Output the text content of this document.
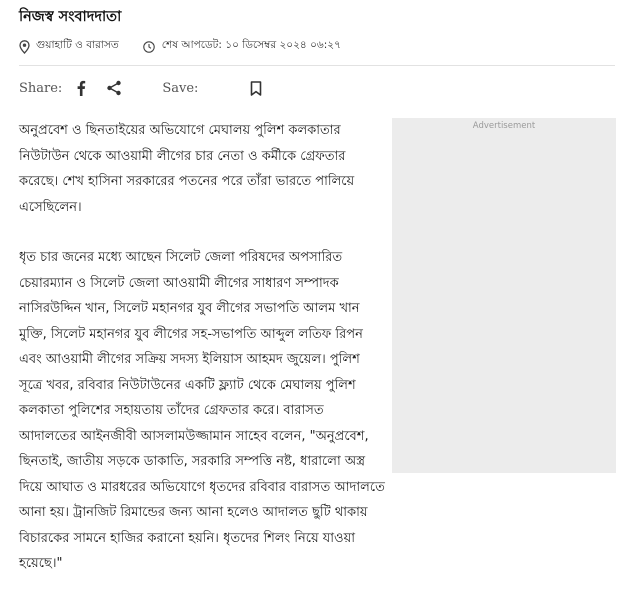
নিজস্ব সংবাদদাতা
গুয়াহাটি ও বারাসত	শেষ আপডেট: ১০ ডিসেম্বর ২০২৪ ০৬:২৭
Share:	Save:

অনুপ্রবেশ ও ছিনতাইয়ের অভিযোগে মেঘালয় পুলিশ কলকাতার নিউটাউন থেকে আওয়ামী লীগের চার নেতা ও কর্মীকে গ্রেফতার করেছে। শেখ হাসিনা সরকারের পতনের পরে তাঁরা ভারতে পালিয়ে এসেছিলেন।

ধৃত চার জনের মধ্যে আছেন সিলেট জেলা পরিষদের অপসারিত চেয়ারম্যান ও সিলেট জেলা আওয়ামী লীগের সাধারণ সম্পাদক নাসিরউদ্দিন খান, সিলেট মহানগর যুব লীগের সভাপতি আলম খান মুক্তি, সিলেট মহানগর যুব লীগের সহ-সভাপতি আব্দুল লতিফ রিপন এবং আওয়ামী লীগের সক্রিয় সদস্য ইলিয়াস আহমদ জুয়েল। পুলিশ সূত্রে খবর, রবিবার নিউটাউনের একটি ফ্ল্যাট থেকে মেঘালয় পুলিশ কলকাতা পুলিশের সহায়তায় তাঁদের গ্রেফতার করে। বারাসত আদালতের আইনজীবী আসলামউজ্জামান সাহেব বলেন, "অনুপ্রবেশ, ছিনতাই, জাতীয় সড়কে ডাকাতি, সরকারি সম্পত্তি নষ্ট, ধারালো অস্ত্র দিয়ে আঘাত ও মারধরের অভিযোগে ধৃতদের রবিবার বারাসত আদালতে আনা হয়। ট্রানজিট রিমান্ডের জন্য আনা হলেও আদালত ছুটি থাকায় বিচারকের সামনে হাজির করানো হয়নি। ধৃতদের শিলং নিয়ে যাওয়া হয়েছে।"

Advertisement
